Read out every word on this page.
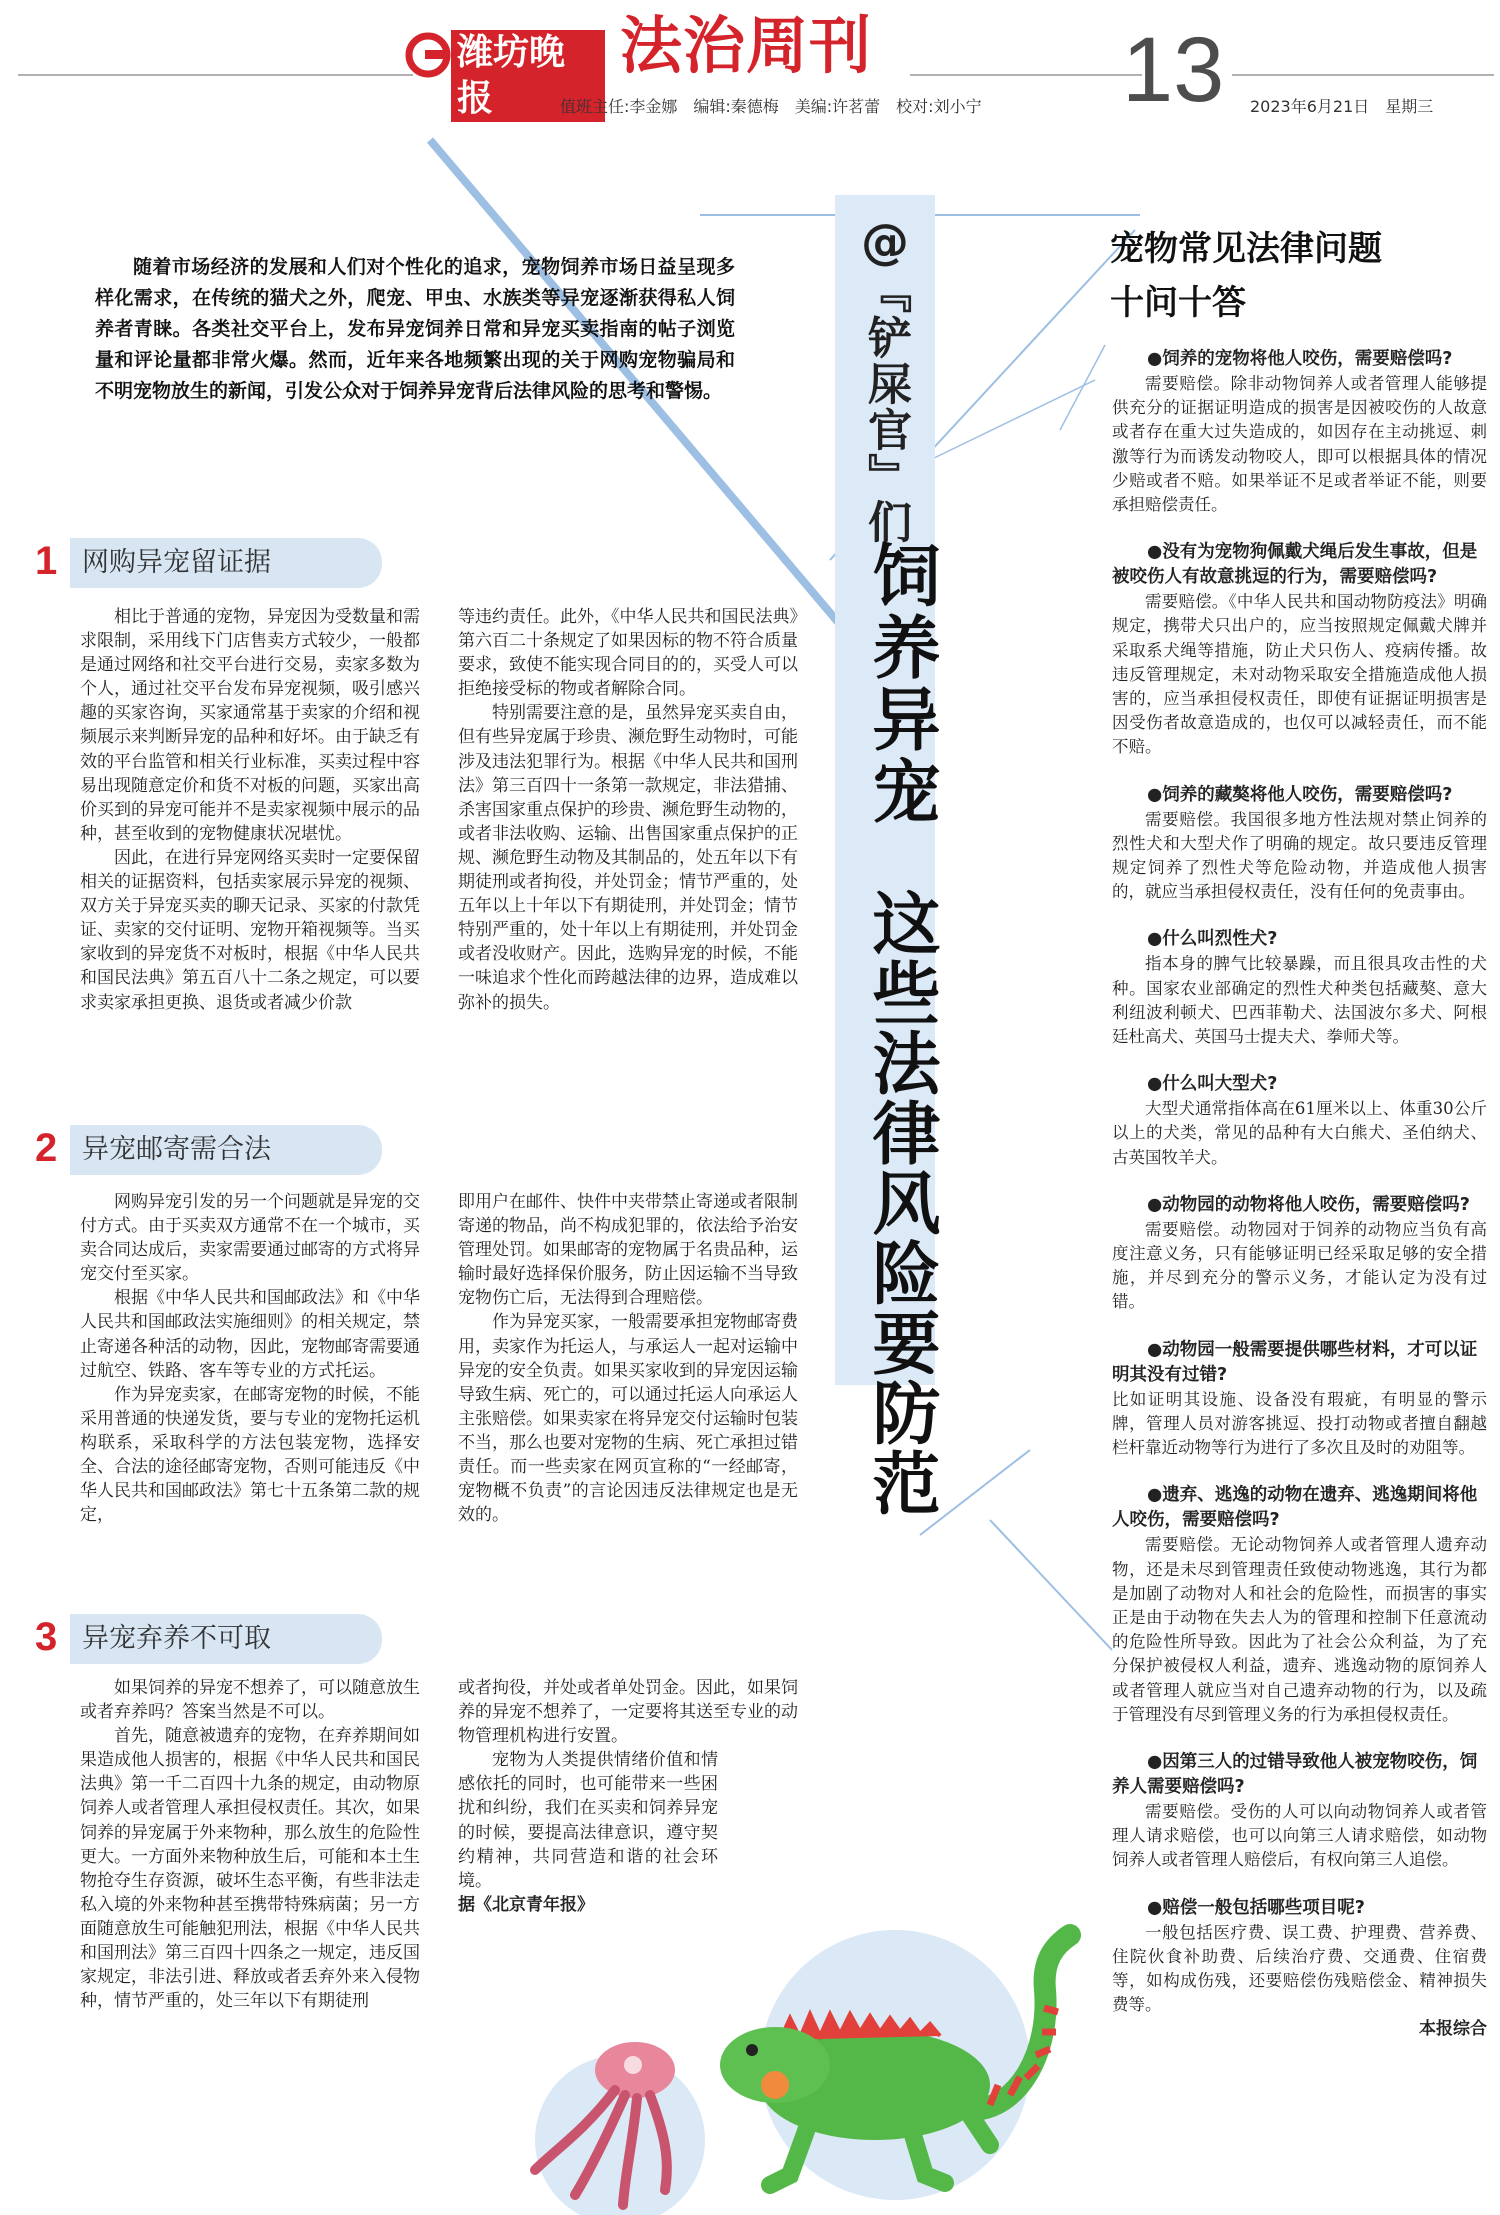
潍坊晚报
法治周刊	13
值班主任:李金娜　编辑:秦德梅　美编:许茗蕾　校对:刘小宁	2023年6月21日　星期三
@
『铲屎官』们
饲养异宠
这些法律风险要防范
随着市场经济的发展和人们对个性化的追求，宠物饲养市场日益呈现多样化需求，在传统的猫犬之外，爬宠、甲虫、水族类等异宠逐渐获得私人饲养者青睐。各类社交平台上，发布异宠饲养日常和异宠买卖指南的帖子浏览量和评论量都非常火爆。然而，近年来各地频繁出现的关于网购宠物骗局和不明宠物放生的新闻，引发公众对于饲养异宠背后法律风险的思考和警惕。
1 网购异宠留证据

相比于普通的宠物，异宠因为受数量和需求限制，采用线下门店售卖方式较少，一般都是通过网络和社交平台进行交易，卖家多数为个人，通过社交平台发布异宠视频，吸引感兴趣的买家咨询，买家通常基于卖家的介绍和视频展示来判断异宠的品种和好坏。由于缺乏有效的平台监管和相关行业标准，买卖过程中容易出现随意定价和货不对板的问题，买家出高价买到的异宠可能并不是卖家视频中展示的品种，甚至收到的宠物健康状况堪忧。

因此，在进行异宠网络买卖时一定要保留相关的证据资料，包括卖家展示异宠的视频、双方关于异宠买卖的聊天记录、买家的付款凭证、卖家的交付证明、宠物开箱视频等。当买家收到的异宠货不对板时，根据《中华人民共和国民法典》第五百八十二条之规定，可以要求卖家承担更换、退货或者减少价款

等违约责任。此外，《中华人民共和国民法典》第六百二十条规定了如果因标的物不符合质量要求，致使不能实现合同目的的，买受人可以拒绝接受标的物或者解除合同。

特别需要注意的是，虽然异宠买卖自由，但有些异宠属于珍贵、濒危野生动物时，可能涉及违法犯罪行为。根据《中华人民共和国刑法》第三百四十一条第一款规定，非法猎捕、杀害国家重点保护的珍贵、濒危野生动物的，或者非法收购、运输、出售国家重点保护的正规、濒危野生动物及其制品的，处五年以下有期徒刑或者拘役，并处罚金；情节严重的，处五年以上十年以下有期徒刑，并处罚金；情节特别严重的，处十年以上有期徒刑，并处罚金或者没收财产。因此，选购异宠的时候，不能一味追求个性化而跨越法律的边界，造成难以弥补的损失。

2 异宠邮寄需合法

网购异宠引发的另一个问题就是异宠的交付方式。由于买卖双方通常不在一个城市，买卖合同达成后，卖家需要通过邮寄的方式将异宠交付至买家。

根据《中华人民共和国邮政法》和《中华人民共和国邮政法实施细则》的相关规定，禁止寄递各种活的动物，因此，宠物邮寄需要通过航空、铁路、客车等专业的方式托运。

作为异宠卖家，在邮寄宠物的时候，不能采用普通的快递发货，要与专业的宠物托运机构联系，采取科学的方法包装宠物，选择安全、合法的途径邮寄宠物，否则可能违反《中华人民共和国邮政法》第七十五条第二款的规定，

即用户在邮件、快件中夹带禁止寄递或者限制寄递的物品，尚不构成犯罪的，依法给予治安管理处罚。如果邮寄的宠物属于名贵品种，运输时最好选择保价服务，防止因运输不当导致宠物伤亡后，无法得到合理赔偿。

作为异宠买家，一般需要承担宠物邮寄费用，卖家作为托运人，与承运人一起对运输中异宠的安全负责。如果买家收到的异宠因运输导致生病、死亡的，可以通过托运人向承运人主张赔偿。如果卖家在将异宠交付运输时包装不当，那么也要对宠物的生病、死亡承担过错责任。而一些卖家在网页宣称的“一经邮寄，宠物概不负责”的言论因违反法律规定也是无效的。

3 异宠弃养不可取

如果饲养的异宠不想养了，可以随意放生或者弃养吗？答案当然是不可以。

首先，随意被遗弃的宠物，在弃养期间如果造成他人损害的，根据《中华人民共和国民法典》第一千二百四十九条的规定，由动物原饲养人或者管理人承担侵权责任。其次，如果饲养的异宠属于外来物种，那么放生的危险性更大。一方面外来物种放生后，可能和本土生物抢夺生存资源，破坏生态平衡，有些非法走私入境的外来物种甚至携带特殊病菌；另一方面随意放生可能触犯刑法，根据《中华人民共和国刑法》第三百四十四条之一规定，违反国家规定，非法引进、释放或者丢弃外来入侵物种，情节严重的，处三年以下有期徒刑

或者拘役，并处或者单处罚金。因此，如果饲养的异宠不想养了，一定要将其送至专业的动物管理机构进行安置。

宠物为人类提供情绪价值和情感依托的同时，也可能带来一些困扰和纠纷，我们在买卖和饲养异宠的时候，要提高法律意识，遵守契约精神，共同营造和谐的社会环境。

据《北京青年报》

宠物常见法律问题
十问十答

●饲养的宠物将他人咬伤，需要赔偿吗?

需要赔偿。除非动物饲养人或者管理人能够提供充分的证据证明造成的损害是因被咬伤的人故意或者存在重大过失造成的，如因存在主动挑逗、刺激等行为而诱发动物咬人，即可以根据具体的情况少赔或者不赔。如果举证不足或者举证不能，则要承担赔偿责任。

●没有为宠物狗佩戴犬绳后发生事故，但是被咬伤人有故意挑逗的行为，需要赔偿吗?

需要赔偿。《中华人民共和国动物防疫法》明确规定，携带犬只出户的，应当按照规定佩戴犬牌并采取系犬绳等措施，防止犬只伤人、疫病传播。故违反管理规定，未对动物采取安全措施造成他人损害的，应当承担侵权责任，即使有证据证明损害是因受伤者故意造成的，也仅可以减轻责任，而不能不赔。

●饲养的藏獒将他人咬伤，需要赔偿吗?

需要赔偿。我国很多地方性法规对禁止饲养的烈性犬和大型犬作了明确的规定。故只要违反管理规定饲养了烈性犬等危险动物，并造成他人损害的，就应当承担侵权责任，没有任何的免责事由。

●什么叫烈性犬?

指本身的脾气比较暴躁，而且很具攻击性的犬种。国家农业部确定的烈性犬种类包括藏獒、意大利纽波利顿犬、巴西菲勒犬、法国波尔多犬、阿根廷杜高犬、英国马士提夫犬、拳师犬等。

●什么叫大型犬?

大型犬通常指体高在61厘米以上、体重30公斤以上的犬类，常见的品种有大白熊犬、圣伯纳犬、古英国牧羊犬。

●动物园的动物将他人咬伤，需要赔偿吗?

需要赔偿。动物园对于饲养的动物应当负有高度注意义务，只有能够证明已经采取足够的安全措施，并尽到充分的警示义务，才能认定为没有过错。

●动物园一般需要提供哪些材料，才可以证明其没有过错?

比如证明其设施、设备没有瑕疵，有明显的警示牌，管理人员对游客挑逗、投打动物或者擅自翻越栏杆靠近动物等行为进行了多次且及时的劝阻等。

●遗弃、逃逸的动物在遗弃、逃逸期间将他人咬伤，需要赔偿吗?

需要赔偿。无论动物饲养人或者管理人遗弃动物，还是未尽到管理责任致使动物逃逸，其行为都是加剧了动物对人和社会的危险性，而损害的事实正是由于动物在失去人为的管理和控制下任意流动的危险性所导致。因此为了社会公众利益，为了充分保护被侵权人利益，遗弃、逃逸动物的原饲养人或者管理人就应当对自己遗弃动物的行为，以及疏于管理没有尽到管理义务的行为承担侵权责任。

●因第三人的过错导致他人被宠物咬伤，饲养人需要赔偿吗?

需要赔偿。受伤的人可以向动物饲养人或者管理人请求赔偿，也可以向第三人请求赔偿，如动物饲养人或者管理人赔偿后，有权向第三人追偿。

●赔偿一般包括哪些项目呢?

一般包括医疗费、误工费、护理费、营养费、住院伙食补助费、后续治疗费、交通费、住宿费等，如构成伤残，还要赔偿伤残赔偿金、精神损失费等。

本报综合
